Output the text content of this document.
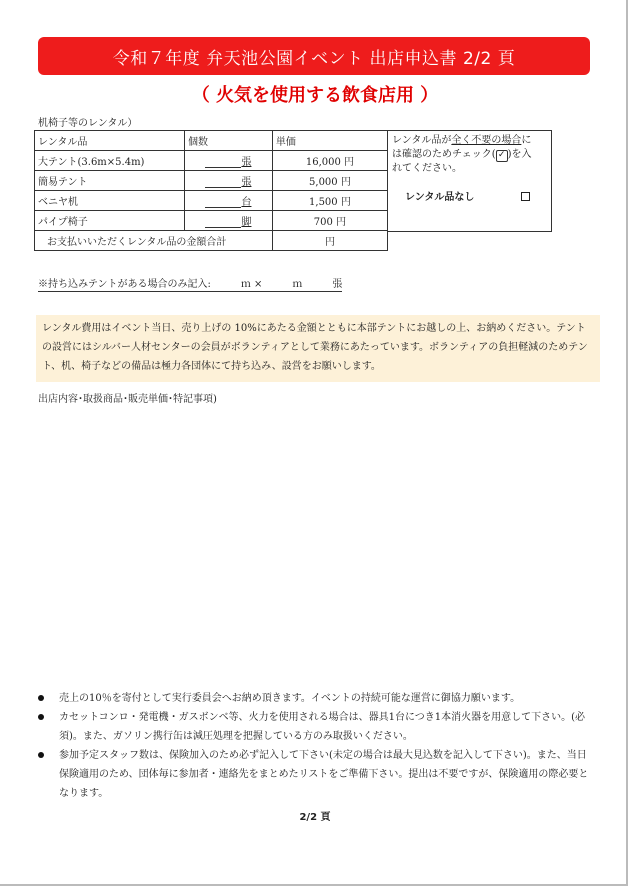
令和７年度 弁天池公園イベント 出店申込書 2/2 頁
（ 火気を使用する飲食店用 ）
机椅子等のレンタル）
レンタル品	個数	単価
大テント(3.6m×5.4m)	張	16,000 円
簡易テント	張	5,000 円
ベニヤ机	台	1,500 円
パイプ椅子	脚	700 円
お支払いいただくレンタル品の金額合計		円
レンタル品が全く不要の場合に
は確認のためチェック( ✓ )を入
れてください。
レンタル品なし
※持ち込みテントがある場合のみ記入:　　　ｍ ×　　　ｍ　　　張
レンタル費用はイベント当日、売り上げの 10%にあたる金額とともに本部テントにお越しの上、お納めください。テントの設営にはシルバー人材センターの会員がボランティアとして業務にあたっています。ボランティアの負担軽減のためテント、机、椅子などの備品は極力各団体にて持ち込み、設営をお願いします。
出店内容･取扱商品･販売単価･特記事項)
売上の10％を寄付として実行委員会へお納め頂きます。イベントの持続可能な運営に御協力願います。
カセットコンロ・発電機・ガスボンベ等、火力を使用される場合は、器具1台につき1本消火器を用意して下さい。(必須)。また、ガソリン携行缶は減圧処理を把握している方のみ取扱いください。
参加予定スタッフ数は、保険加入のため必ず記入して下さい(未定の場合は最大見込数を記入して下さい)。また、当日保険適用のため、団体毎に参加者・連絡先をまとめたリストをご準備下さい。提出は不要ですが、保険適用の際必要となります。
2/2 頁
